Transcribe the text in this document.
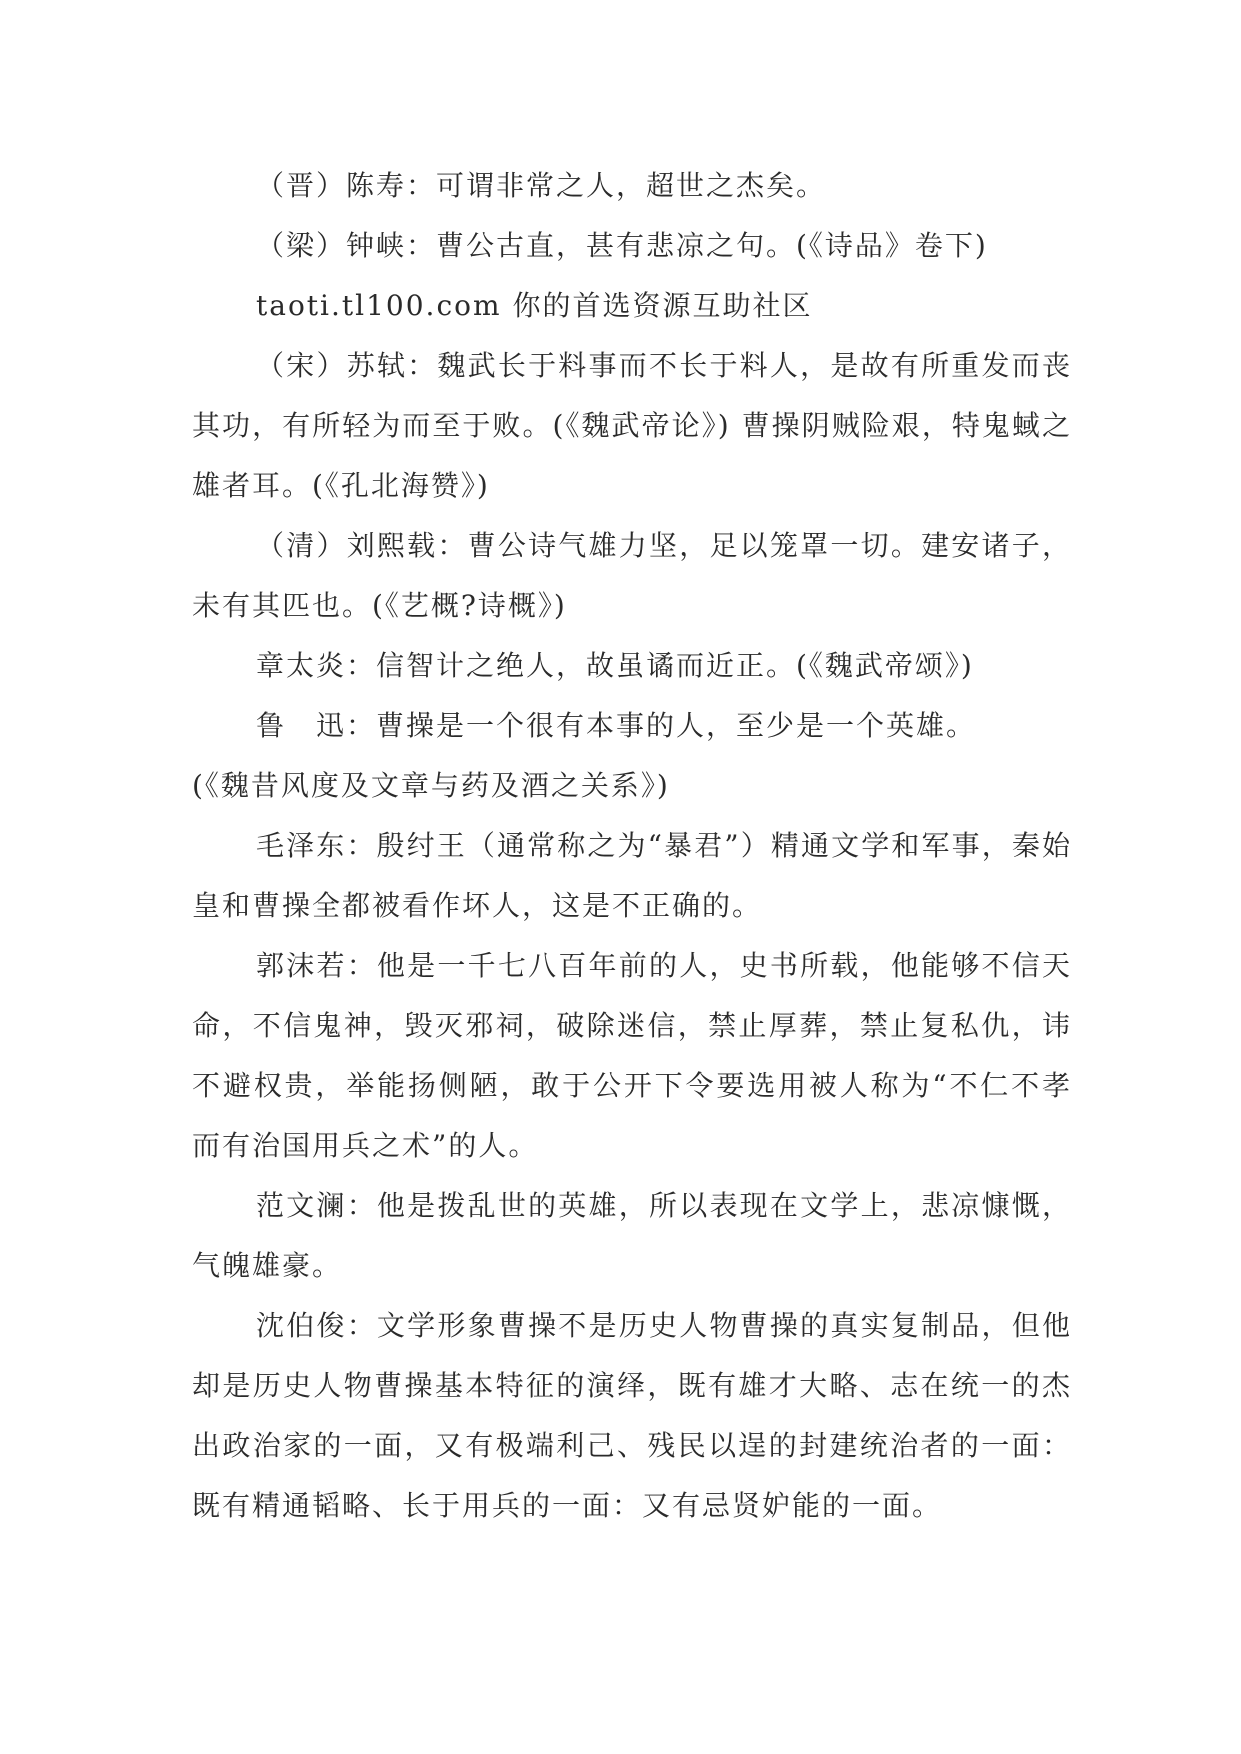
（晋）陈寿：可谓非常之人，超世之杰矣。

（梁）钟峡：曹公古直，甚有悲凉之句。(《诗品》卷下)

taoti.tl100.com 你的首选资源互助社区

（宋）苏轼：魏武长于料事而不长于料人，是故有所重发而丧其功，有所轻为而至于败。(《魏武帝论》) 曹操阴贼险艰，特鬼蜮之雄者耳。(《孔北海赞》)

（清）刘熙载：曹公诗气雄力坚，足以笼罩一切。建安诸子，未有其匹也。(《艺概?诗概》)

章太炎：信智计之绝人，故虽谲而近正。(《魏武帝颂》)

鲁　迅：曹操是一个很有本事的人，至少是一个英雄。

(《魏昔风度及文章与药及酒之关系》)

毛泽东：殷纣王（通常称之为“暴君”）精通文学和军事，秦始皇和曹操全都被看作坏人，这是不正确的。

郭沫若：他是一千七八百年前的人，史书所载，他能够不信天命，不信鬼神，毁灭邪祠，破除迷信，禁止厚葬，禁止复私仇，讳不避权贵，举能扬侧陋，敢于公开下令要选用被人称为“不仁不孝而有治国用兵之术”的人。

范文澜：他是拨乱世的英雄，所以表现在文学上，悲凉慷慨，气魄雄豪。

沈伯俊：文学形象曹操不是历史人物曹操的真实复制品，但他却是历史人物曹操基本特征的演绎，既有雄才大略、志在统一的杰出政治家的一面，又有极端利己、残民以逞的封建统治者的一面：既有精通韬略、长于用兵的一面：又有忌贤妒能的一面。
